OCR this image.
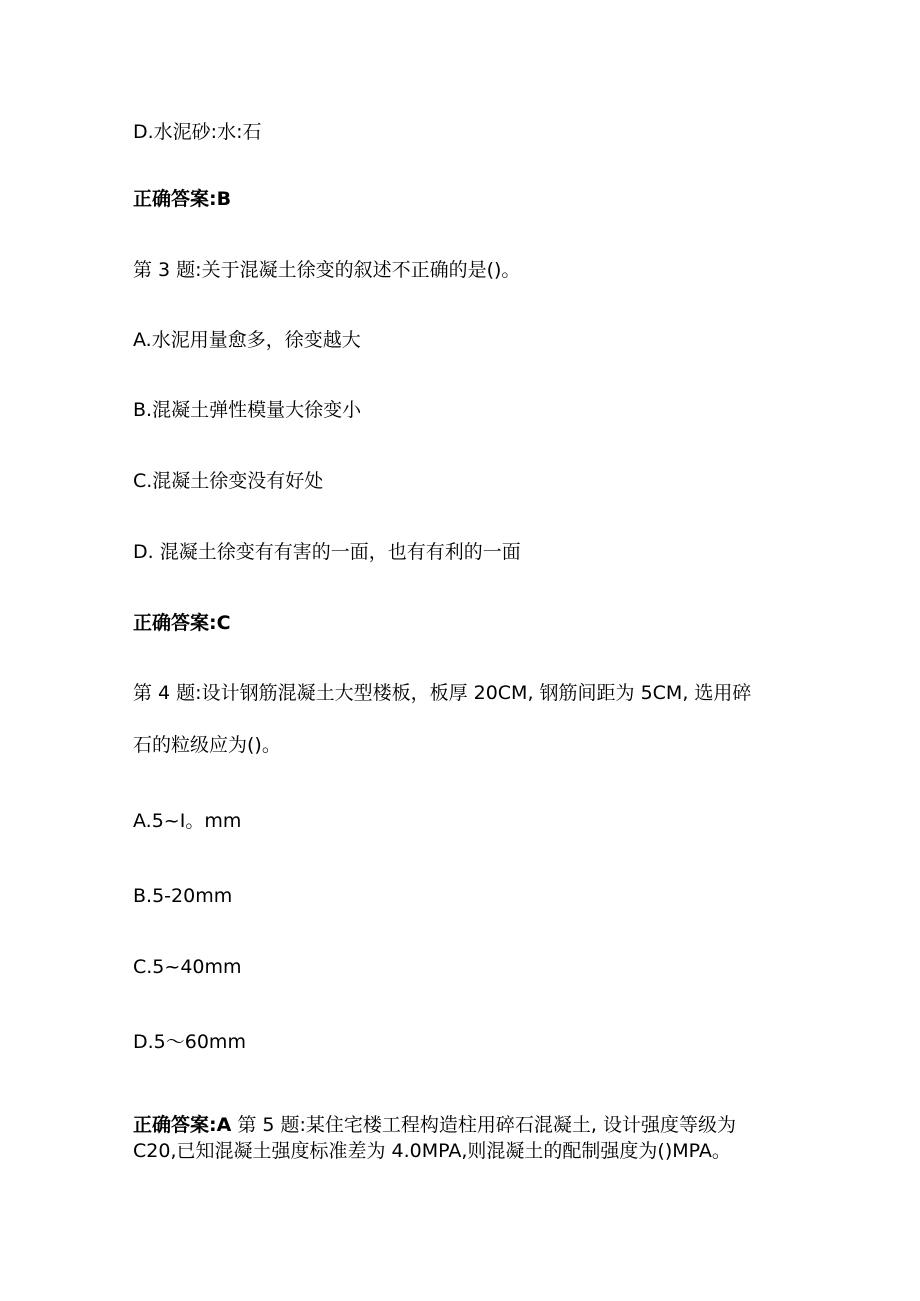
D.水泥砂:水:石
正确答案:B
第 3 题:关于混凝土徐变的叙述不正确的是()。
A.水泥用量愈多，徐变越大
B.混凝土弹性模量大徐变小
C.混凝土徐变没有好处
D. 混凝土徐变有有害的一面，也有有利的一面
正确答案:C
第 4 题:设计钢筋混凝土大型楼板，板厚 20CM, 钢筋间距为 5CM, 选用碎
石的粒级应为()。
A.5~I。mm
B.5-20mm
C.5~40mm
D.5～60mm
正确答案:A 第 5 题:某住宅楼工程构造柱用碎石混凝土, 设计强度等级为
C20,已知混凝土强度标准差为 4.0MPA,则混凝土的配制强度为()MPA。
